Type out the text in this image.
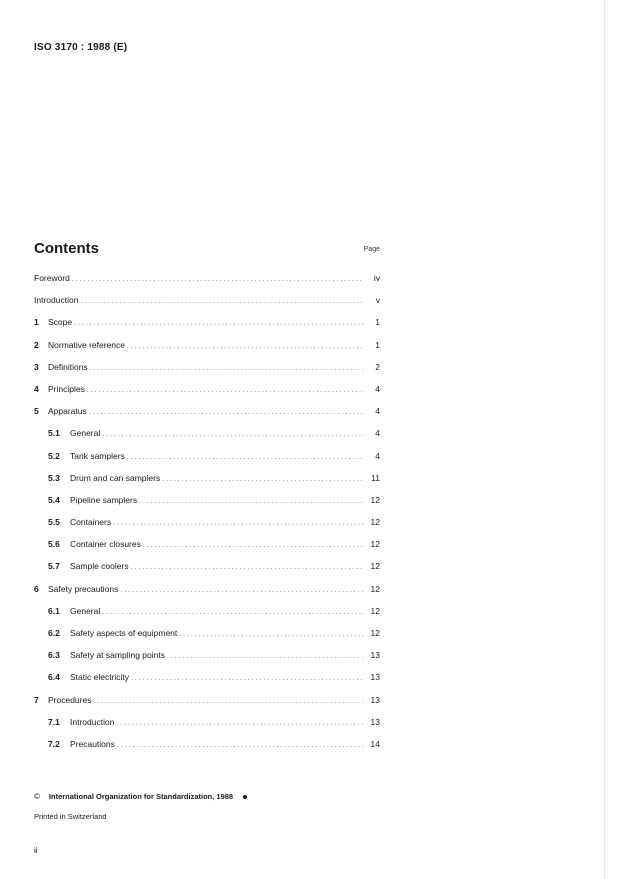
ISO 3170 : 1988 (E)
Contents	Page
Foreword . . .	iv
Introduction . . .	v
1	Scope . . .	1
2	Normative reference . . .	1
3	Definitions . . .	2
4	Principles . . .	4
5	Apparatus . . .	4
5.1	General . . .	4
5.2	Tank samplers . . .	4
5.3	Drum and can samplers . . .	11
5.4	Pipeline samplers . . .	12
5.5	Containers . . .	12
5.6	Container closures . . .	12
5.7	Sample coolers . . .	12
6	Safety precautions . . .	12
6.1	General . . .	12
6.2	Safety aspects of equipment . . .	12
6.3	Safety at sampling points . . .	13
6.4	Static electricity . . .	13
7	Procedures . . .	13
7.1	Introduction . . .	13
7.2	Precautions . . .	14
© International Organization for Standardization, 1988
Printed in Switzerland
ii
